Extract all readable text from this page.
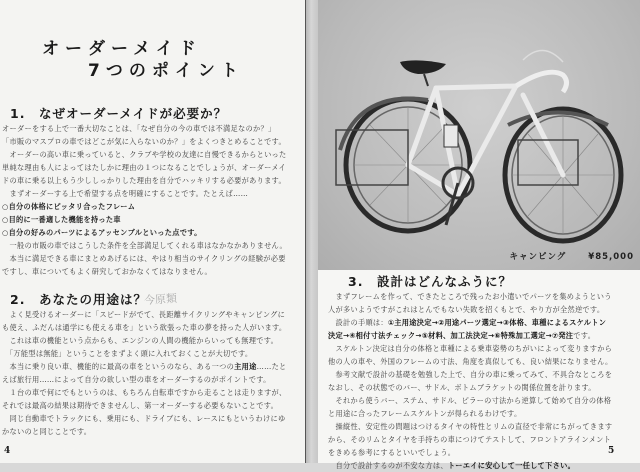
オーダーメイド
7つのポイント
1.　なぜオーダーメイドが必要か？

オーダーをする上で一番大切なことは、「なぜ自分の今の車では不満足なのか？」

「市販のマスプロの車ではどこが気に入らないのか？」をよくつきとめることです。

　オーダーの高い車に乗っていると、クラブや学校の友達に自慢できるからといった

単純な理由も人によってはたしかに理由の１つになることでしょうが、オーダーメイ

ドの車に乗る以上もう少ししっかりした理由を自分でハッキリする必要があります。

　まずオーダーする上で希望する点を明確にすることです。たとえば……

○自分の体格にピッタリ合ったフレーム

○目的に一番適した機能を持った車

○自分の好みのパーツによるアッセンブルといった点です。

　一般の市販の車ではこうした条件を全部満足してくれる車はなかなかありません。

　本当に満足できる車にまとめあげるには、やはり相当のサイクリングの経験が必要

ですし、車についてもよく研究しておかなくてはなりません。

2.　あなたの用途は？
今原類

　よく見受けるオーダーに「スピードがでて、長距離サイクリングやキャンピングに

も使え、ふだんは通学にも使える車を」という欲張った車の夢を持った人がいます。

　これは車の機能という点からも、エンジンの人間の機能からいっても無理です。

　「万能型は無能」ということをまずよく頭に入れておくことが大切です。

　本当に乗り良い車、機能的に最高の車をというのなら、ある一つの主用途……たと

えば旅行用……によって自分の欲しい型の車をオーダーするのがポイントです。

　１台の車で何にでもというのは、もちろん自転車ですから走ることは走りますが、

それでは最高の結果は期待できませんし、第一オーダーする必要もないことです。

　同じ自動車でトラックにも、乗用にも、ドライブにも、レースにもというわけにゆ

かないのと同じことです。

4
キャンピング	¥85,000
3.　設計はどんなふうに？

　まずフレームを作って、できたところで残ったお小遣いでパーツを集めようという

人が多いようですがこれはとんでもない失敗を招くもとで、やり方が全然逆です。

　設計の手順は：①主用途決定→②用途パーツ選定→③体格、車種によるスケルトン

決定→④相付寸法チェック→⑤材料、加工法決定→⑥特殊加工選定→⑦発注です。

　スケルトン決定は自分の体格と車種による乗車姿勢のちがいによって変りますから

他の人の車や、外国のフレームの寸法、角度を真似しても、良い結果になりません。

　参考文献で設計の基礎を勉強した上で、自分の車に乗ってみて、不具合なところを

なおし、その状態でのバー、サドル、ボトムブラケットの関係位置を計ります。

　それから使うバー、ステム、サドル、ピラーの寸法から逆算して始めて自分の体格

と用途に合ったフレームスケルトンが得られるわけです。

　操縦性、安定性の問題はつけるタイヤの特性とリムの直径で非常にちがってきます

から、そのリムとタイヤを手持ちの車につけてテストして、フロントアラインメント

をきめる参考にするといいでしょう。

　自分で設計するのが不安な方は、トーエイに安心して一任して下さい。

5
